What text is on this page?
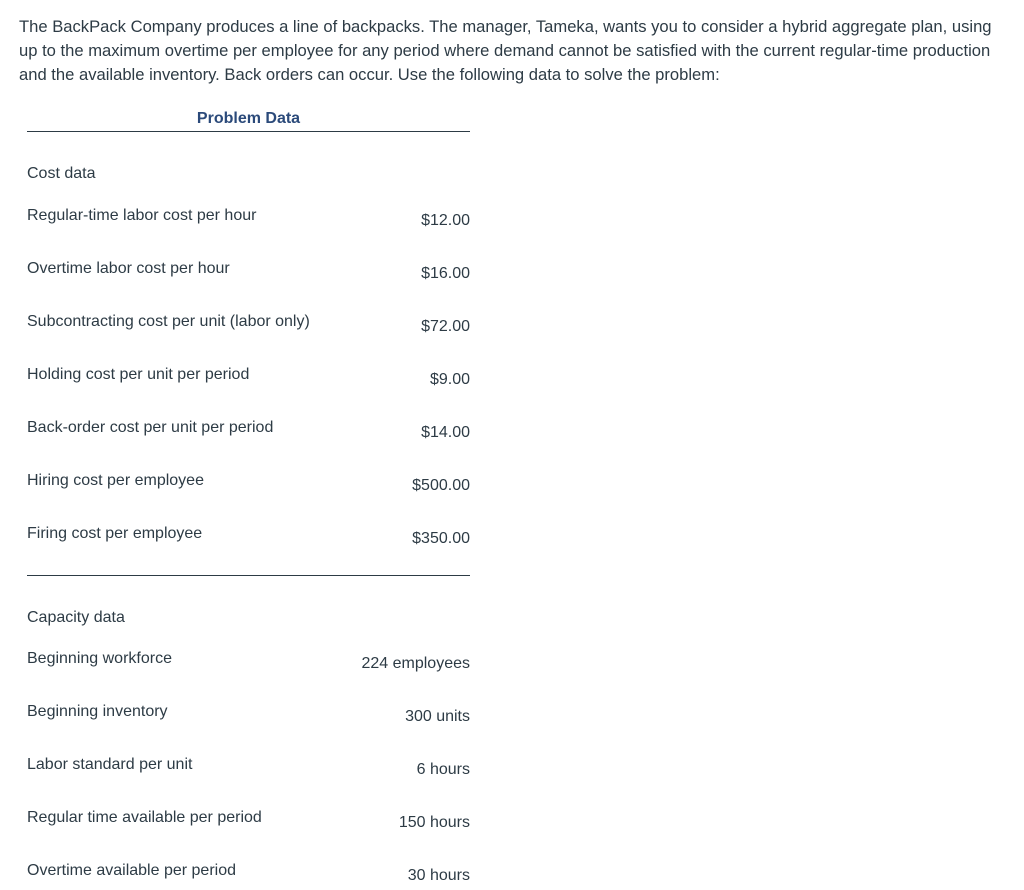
The BackPack Company produces a line of backpacks. The manager, Tameka, wants you to consider a hybrid aggregate plan, using up to the maximum overtime per employee for any period where demand cannot be satisfied with the current regular-time production and the available inventory. Back orders can occur. Use the following data to solve the problem:

Problem Data
Cost data
Regular-time labor cost per hour	$12.00
Overtime labor cost per hour	$16.00
Subcontracting cost per unit (labor only)	$72.00
Holding cost per unit per period	$9.00
Back-order cost per unit per period	$14.00
Hiring cost per employee	$500.00
Firing cost per employee	$350.00
Capacity data
Beginning workforce	224 employees
Beginning inventory	300 units
Labor standard per unit	6 hours
Regular time available per period	150 hours
Overtime available per period	30 hours
